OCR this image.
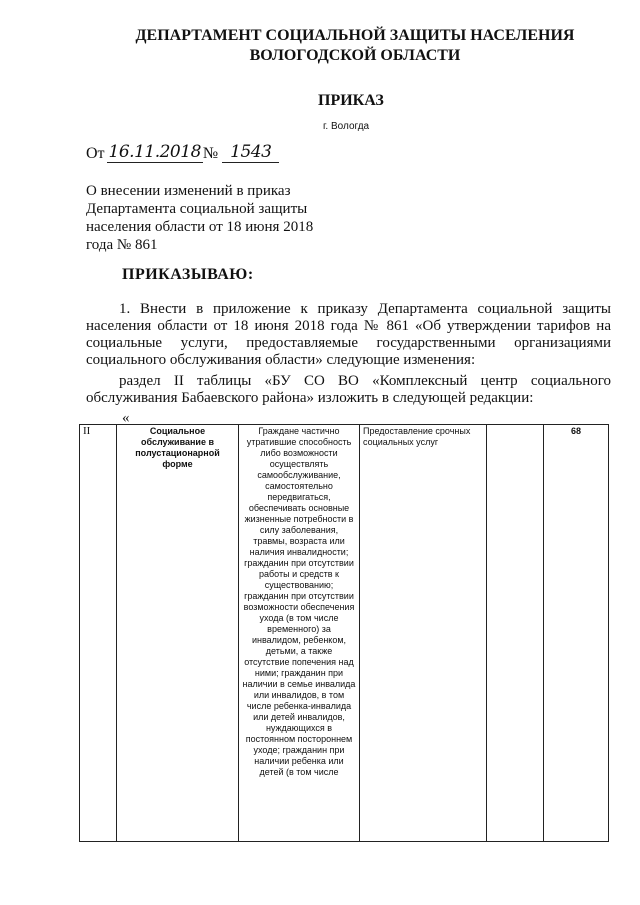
ДЕПАРТАМЕНТ СОЦИАЛЬНОЙ ЗАЩИТЫ НАСЕЛЕНИЯ
ВОЛОГОДСКОЙ ОБЛАСТИ
ПРИКАЗ
г. Вологда
От 16.11.2018 № 1543
О внесении изменений в приказ
Департамента социальной защиты
населения области от 18 июня 2018
года № 861
ПРИКАЗЫВАЮ:
1. Внести в приложение к приказу Департамента социальной защиты населения области от 18 июня 2018 года № 861 «Об утверждении тарифов на социальные услуги, предоставляемые государственными организациями социального обслуживания области» следующие изменения:
раздел II таблицы «БУ СО ВО «Комплексный центр социального обслуживания Бабаевского района» изложить в следующей редакции:
«
II	Социальное обслуживание в полустационарной форме	Граждане частично утратившие способность либо возможности осуществлять самообслуживание, самостоятельно передвигаться, обеспечивать основные жизненные потребности в силу заболевания, травмы, возраста или наличия инвалидности; гражданин при отсутствии работы и средств к существованию; гражданин при отсутствии возможности обеспечения ухода (в том числе временного) за инвалидом, ребенком, детьми, а также отсутствие попечения над ними; гражданин при наличии в семье инвалида или инвалидов, в том числе ребенка-инвалида или детей инвалидов, нуждающихся в постоянном постороннем уходе; гражданин при наличии ребенка или детей (в том числе	Предоставление срочных социальных услуг		68
